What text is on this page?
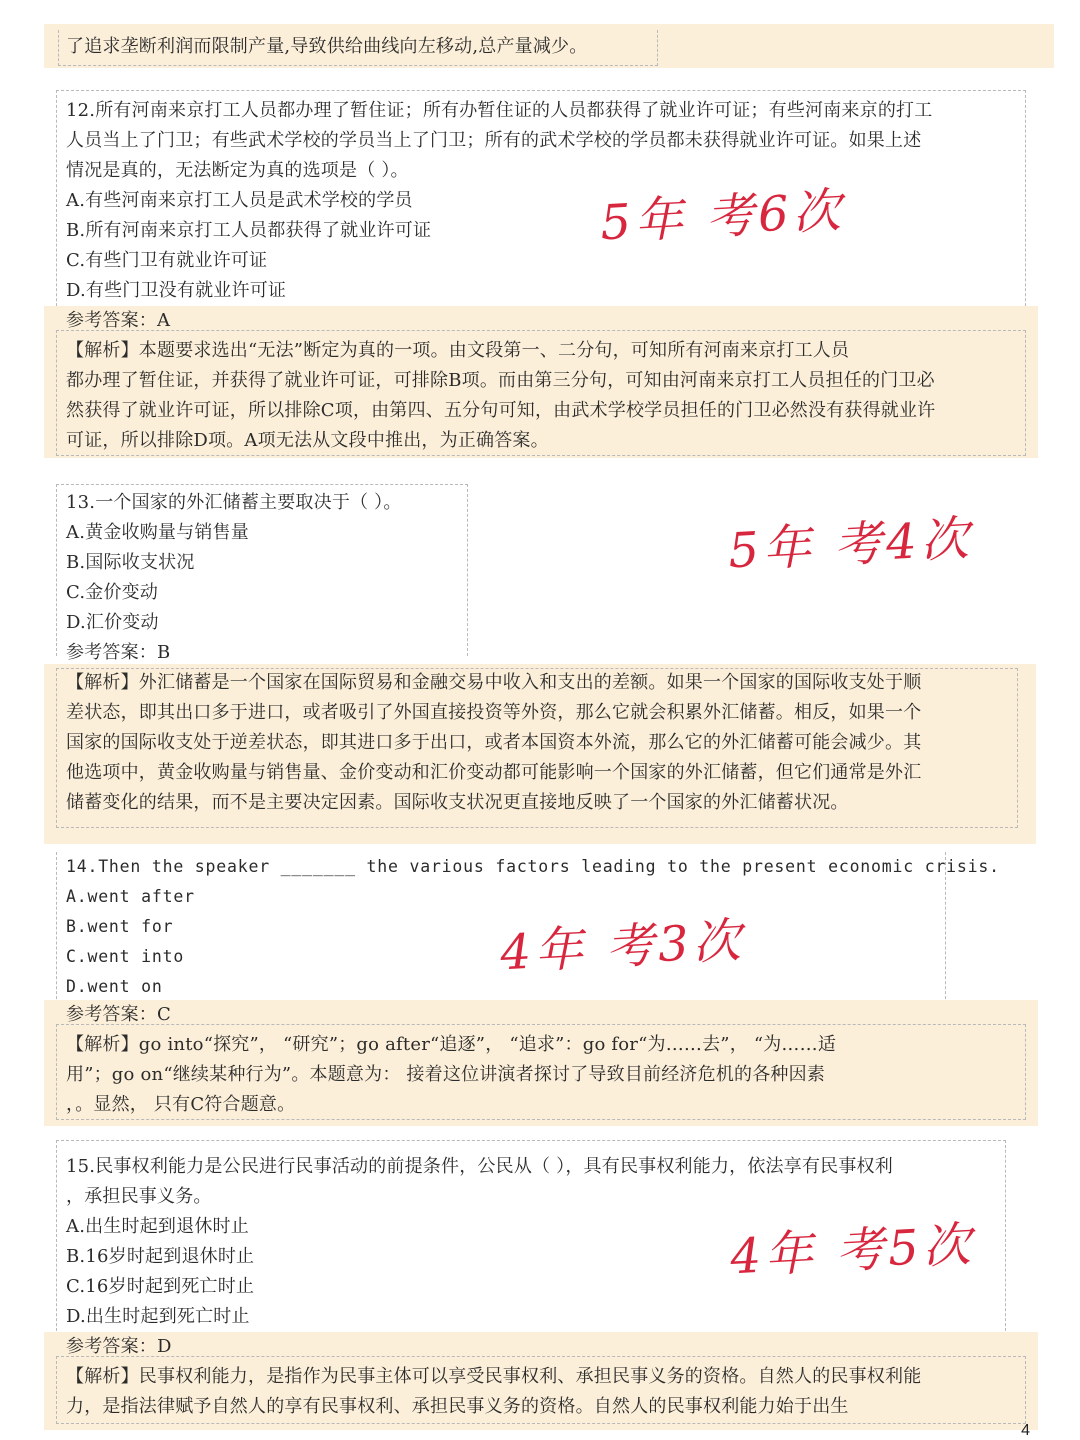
了追求垄断利润而限制产量,导致供给曲线向左移动,总产量减少。
12.所有河南来京打工人员都办理了暂住证；所有办暂住证的人员都获得了就业许可证；有些河南来京的打工
人员当上了门卫；有些武术学校的学员当上了门卫；所有的武术学校的学员都未获得就业许可证。如果上述
情况是真的，无法断定为真的选项是（ ）。
A.有些河南来京打工人员是武术学校的学员
B.所有河南来京打工人员都获得了就业许可证
C.有些门卫有就业许可证
D.有些门卫没有就业许可证
参考答案：A
【解析】本题要求选出“无法”断定为真的一项。由文段第一、二分句，可知所有河南来京打工人员
都办理了暂住证，并获得了就业许可证，可排除B项。而由第三分句，可知由河南来京打工人员担任的门卫必
然获得了就业许可证，所以排除C项，由第四、五分句可知，由武术学校学员担任的门卫必然没有获得就业许
可证，所以排除D项。A项无法从文段中推出，为正确答案。
5年 考6次
13.一个国家的外汇储蓄主要取决于（ ）。
A.黄金收购量与销售量
B.国际收支状况
C.金价变动
D.汇价变动
参考答案：B
【解析】外汇储蓄是一个国家在国际贸易和金融交易中收入和支出的差额。如果一个国家的国际收支处于顺
差状态，即其出口多于进口，或者吸引了外国直接投资等外资，那么它就会积累外汇储蓄。相反，如果一个
国家的国际收支处于逆差状态，即其进口多于出口，或者本国资本外流，那么它的外汇储蓄可能会减少。其
他选项中，黄金收购量与销售量、金价变动和汇价变动都可能影响一个国家的外汇储蓄，但它们通常是外汇
储蓄变化的结果，而不是主要决定因素。国际收支状况更直接地反映了一个国家的外汇储蓄状况。
5年 考4次
14.Then the speaker _______ the various factors leading to the present economic crisis.
A.went after
B.went for
C.went into
D.went on
参考答案：C
【解析】go into“探究”， “研究”；go after“追逐”， “追求”：go for“为……去”， “为……适
用”；go on“继续某种行为”。本题意为： 接着这位讲演者探讨了导致目前经济危机的各种因素
，。显然， 只有C符合题意。
4年 考3次
15.民事权利能力是公民进行民事活动的前提条件，公民从（ ），具有民事权利能力，依法享有民事权利
，承担民事义务。
A.出生时起到退休时止
B.16岁时起到退休时止
C.16岁时起到死亡时止
D.出生时起到死亡时止
参考答案：D
【解析】民事权利能力，是指作为民事主体可以享受民事权利、承担民事义务的资格。自然人的民事权利能
力，是指法律赋予自然人的享有民事权利、承担民事义务的资格。自然人的民事权利能力始于出生
4年 考5次
4
